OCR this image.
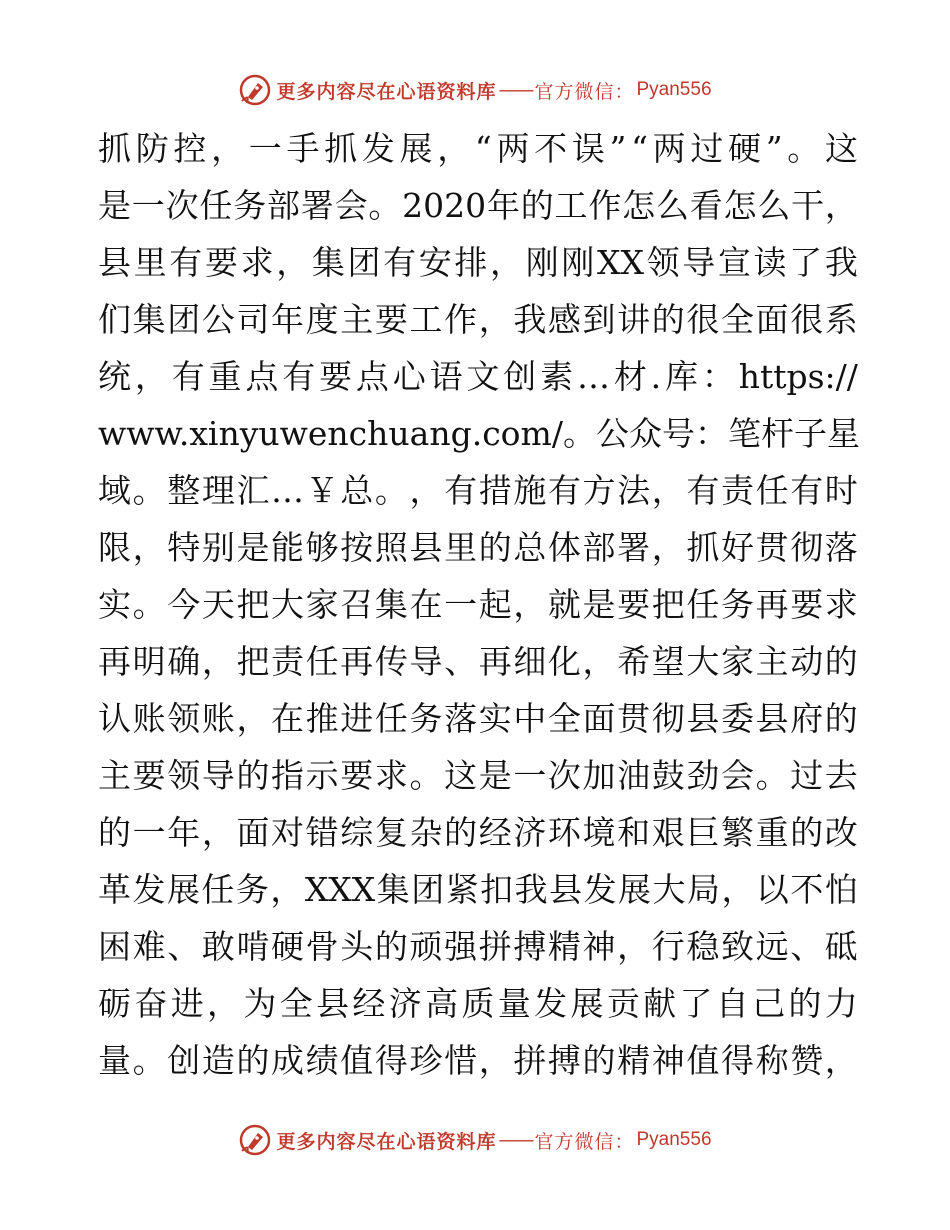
更多内容尽在心语资料库 —— 官方微信： Pyan556
抓 防 控 ， 一 手 抓 发 展 ， “ 两 不 误 ” “ 两 过 硬 ” 。 这
是 一 次 任 务 部 署 会 。 2020 年 的 工 作 怎 么 看 怎 么 干 ，
县 里 有 要 求 ， 集 团 有 安 排 ， 刚 刚 XX 领 导 宣 读 了 我
们 集 团 公 司 年 度 主 要 工 作 ， 我 感 到 讲 的 很 全 面 很 系
统 ， 有 重 点 有 要 点 心 语 文 创 素 … 材 . 库 ： https://
www.xinyuwenchuang.com/。公众号：笔杆子星
域 。 整 理 汇 … ￥ 总 。 ， 有 措 施 有 方 法 ， 有 责 任 有 时
限 ， 特 别 是 能 够 按 照 县 里 的 总 体 部 署 ， 抓 好 贯 彻 落
实 。 今 天 把 大 家 召 集 在 一 起 ， 就 是 要 把 任 务 再 要 求
再 明 确 ， 把 责 任 再 传 导 、 再 细 化 ， 希 望 大 家 主 动 的
认 账 领 账 ， 在 推 进 任 务 落 实 中 全 面 贯 彻 县 委 县 府 的
主 要 领 导 的 指 示 要 求 。 这 是 一 次 加 油 鼓 劲 会 。 过 去
的 一 年 ， 面 对 错 综 复 杂 的 经 济 环 境 和 艰 巨 繁 重 的 改
革 发 展 任 务 ， XXX 集 团 紧 扣 我 县 发 展 大 局 ， 以 不 怕
困 难 、 敢 啃 硬 骨 头 的 顽 强 拼 搏 精 神 ， 行 稳 致 远 、 砥
砺 奋 进 ， 为 全 县 经 济 高 质 量 发 展 贡 献 了 自 己 的 力
量 。 创 造 的 成 绩 值 得 珍 惜 ， 拼 搏 的 精 神 值 得 称 赞 ，
更多内容尽在心语资料库 —— 官方微信： Pyan556
